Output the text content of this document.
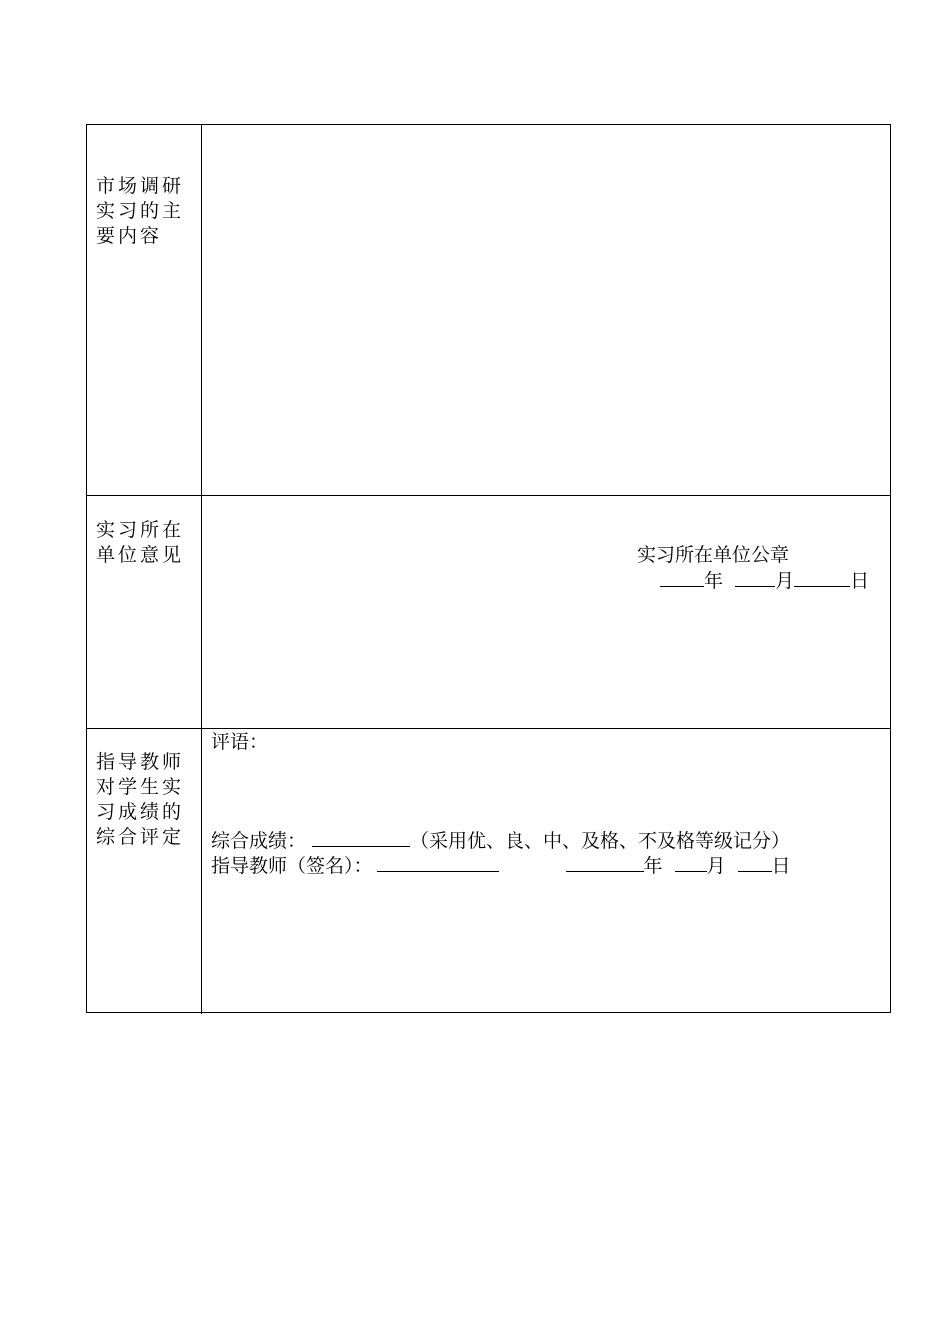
市场调研实习的主要内容
实习所在单位意见	实习所在单位公章
年	月	日
指导教师对学生实习成绩的综合评定
评语：
综合成绩：	（采用优、良、中、及格、不及格等级记分）
指导教师（签名）：	年 月 日
